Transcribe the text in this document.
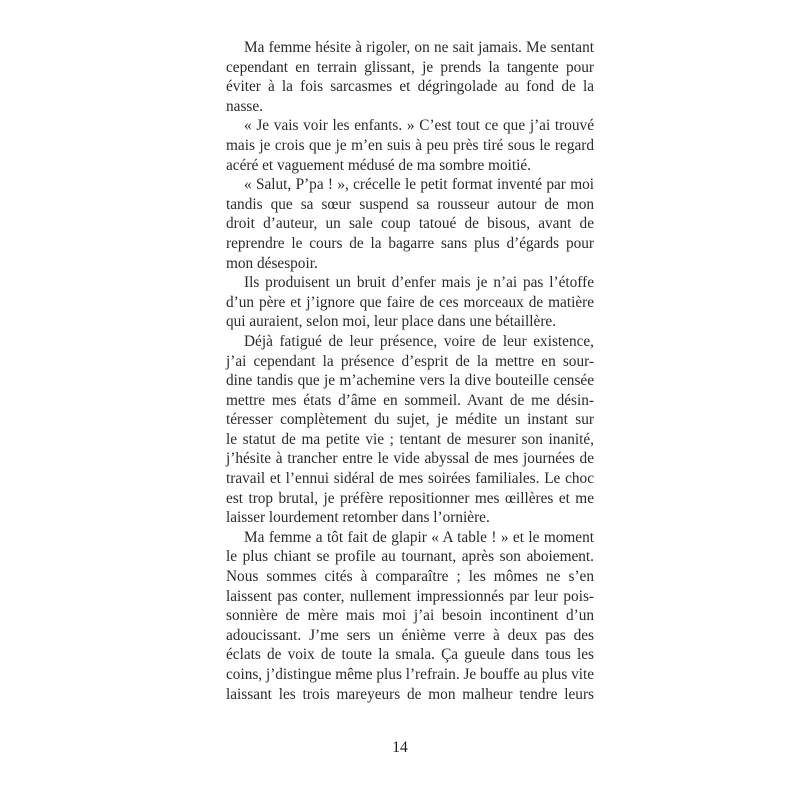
Ma femme hésite à rigoler, on ne sait jamais. Me sentant
cependant en terrain glissant, je prends la tangente pour
éviter à la fois sarcasmes et dégringolade au fond de la
nasse.
« Je vais voir les enfants. » C’est tout ce que j’ai trouvé
mais je crois que je m’en suis à peu près tiré sous le regard
acéré et vaguement médusé de ma sombre moitié.
« Salut, P’pa ! », crécelle le petit format inventé par moi
tandis que sa sœur suspend sa rousseur autour de mon
droit d’auteur, un sale coup tatoué de bisous, avant de
reprendre le cours de la bagarre sans plus d’égards pour
mon désespoir.
Ils produisent un bruit d’enfer mais je n’ai pas l’étoffe
d’un père et j’ignore que faire de ces morceaux de matière
qui auraient, selon moi, leur place dans une bétaillère.
Déjà fatigué de leur présence, voire de leur existence,
j’ai cependant la présence d’esprit de la mettre en sour-
dine tandis que je m’achemine vers la dive bouteille censée
mettre mes états d’âme en sommeil. Avant de me désin-
téresser complètement du sujet, je médite un instant sur
le statut de ma petite vie ; tentant de mesurer son inanité,
j’hésite à trancher entre le vide abyssal de mes journées de
travail et l’ennui sidéral de mes soirées familiales. Le choc
est trop brutal, je préfère repositionner mes œillères et me
laisser lourdement retomber dans l’ornière.
Ma femme a tôt fait de glapir « A table ! » et le moment
le plus chiant se profile au tournant, après son aboiement.
Nous sommes cités à comparaître ; les mômes ne s’en
laissent pas conter, nullement impressionnés par leur pois-
sonnière de mère mais moi j’ai besoin incontinent d’un
adoucissant. J’me sers un énième verre à deux pas des
éclats de voix de toute la smala. Ça gueule dans tous les
coins, j’distingue même plus l’refrain. Je bouffe au plus vite
laissant les trois mareyeurs de mon malheur tendre leurs
14
